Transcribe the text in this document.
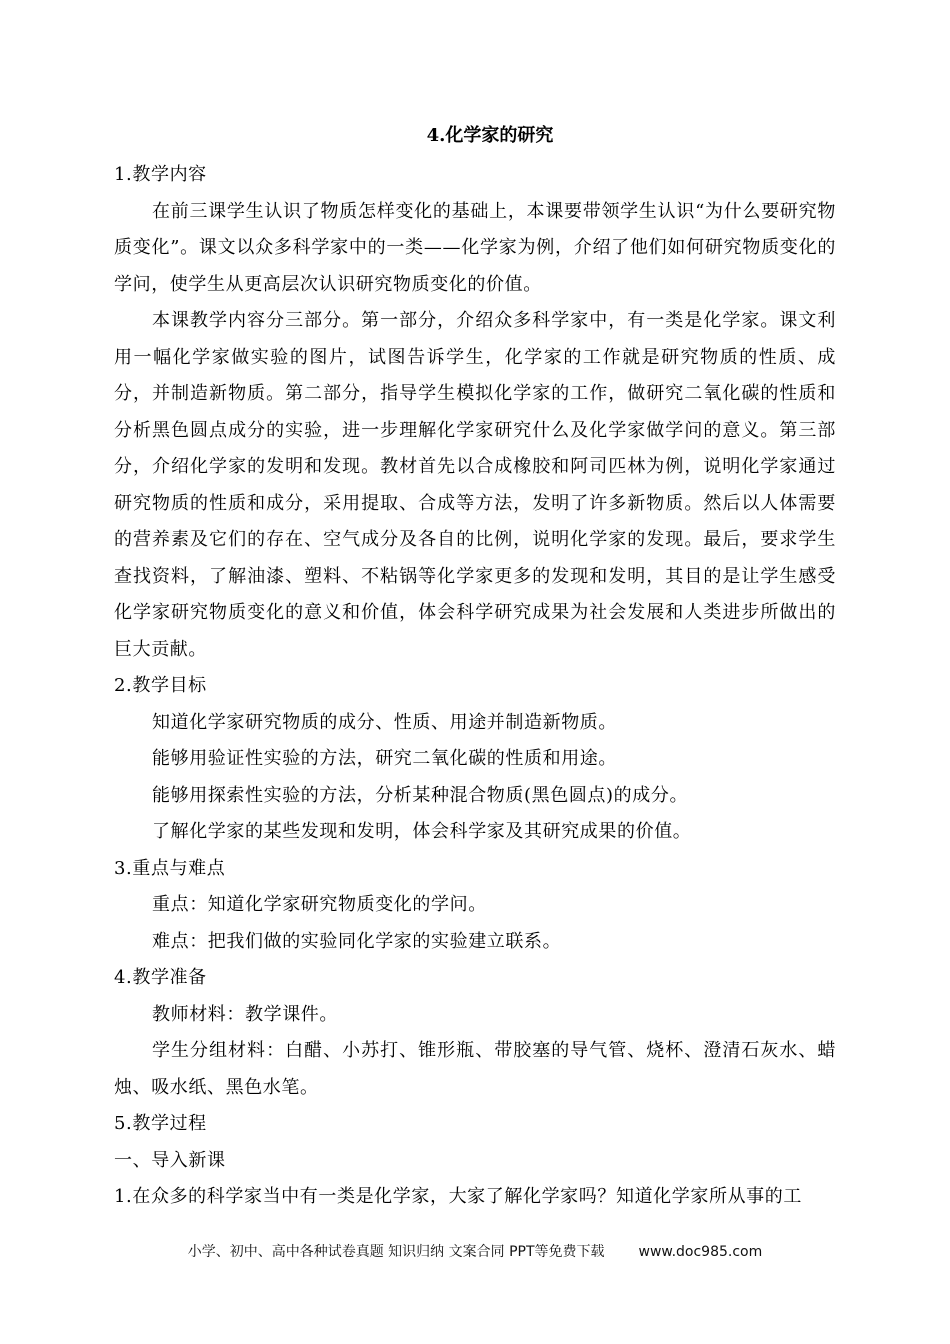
4.化学家的研究

1.教学内容

在前三课学生认识了物质怎样变化的基础上，本课要带领学生认识“为什么要研究物质变化”。课文以众多科学家中的一类——化学家为例，介绍了他们如何研究物质变化的学问，使学生从更高层次认识研究物质变化的价值。

本课教学内容分三部分。第一部分，介绍众多科学家中，有一类是化学家。课文利用一幅化学家做实验的图片，试图告诉学生，化学家的工作就是研究物质的性质、成分，并制造新物质。第二部分，指导学生模拟化学家的工作，做研究二氧化碳的性质和分析黑色圆点成分的实验，进一步理解化学家研究什么及化学家做学问的意义。第三部分，介绍化学家的发明和发现。教材首先以合成橡胶和阿司匹林为例，说明化学家通过研究物质的性质和成分，采用提取、合成等方法，发明了许多新物质。然后以人体需要的营养素及它们的存在、空气成分及各自的比例，说明化学家的发现。最后，要求学生查找资料，了解油漆、塑料、不粘锅等化学家更多的发现和发明，其目的是让学生感受化学家研究物质变化的意义和价值，体会科学研究成果为社会发展和人类进步所做出的巨大贡献。

2.教学目标

知道化学家研究物质的成分、性质、用途并制造新物质。

能够用验证性实验的方法，研究二氧化碳的性质和用途。

能够用探索性实验的方法，分析某种混合物质(黑色圆点)的成分。

了解化学家的某些发现和发明，体会科学家及其研究成果的价值。

3.重点与难点

重点：知道化学家研究物质变化的学问。

难点：把我们做的实验同化学家的实验建立联系。

4.教学准备

教师材料：教学课件。

学生分组材料：白醋、小苏打、锥形瓶、带胶塞的导气管、烧杯、澄清石灰水、蜡烛、吸水纸、黑色水笔。

5.教学过程

一、导入新课

1.在众多的科学家当中有一类是化学家，大家了解化学家吗？知道化学家所从事的工

小学、初中、高中各种试卷真题 知识归纳 文案合同 PPT等免费下载 www.doc985.com
